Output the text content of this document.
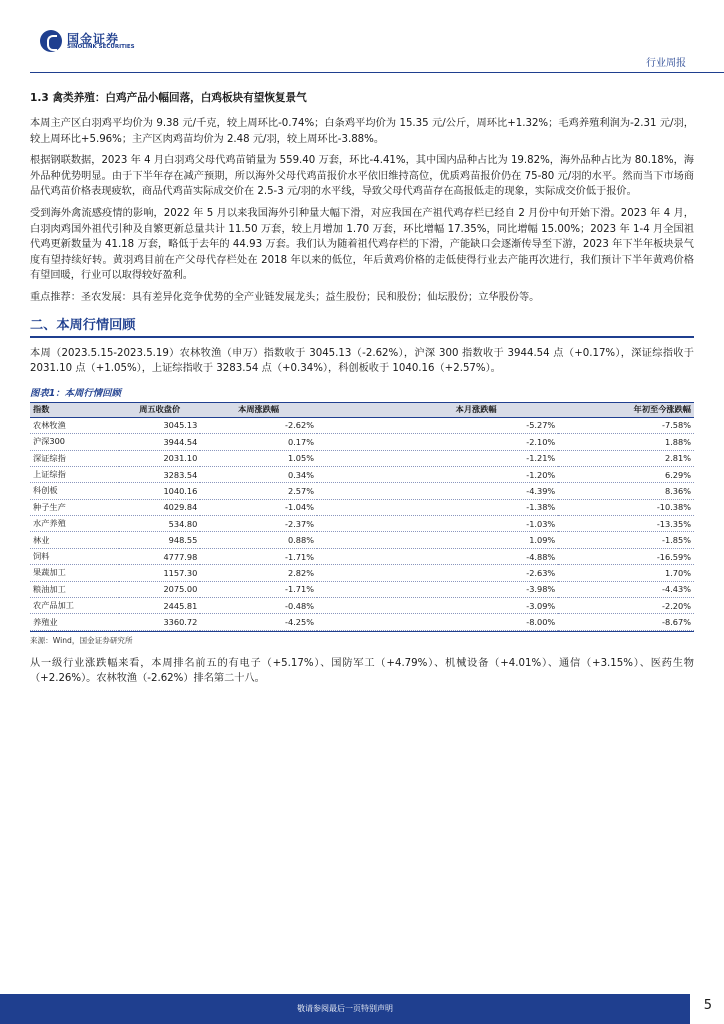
国金证券
SINOLINK SECURITIES
行业周报
1.3 禽类养殖：白鸡产品小幅回落，白鸡板块有望恢复景气

本周主产区白羽鸡平均价为 9.38 元/千克，较上周环比-0.74%；白条鸡平均价为 15.35 元/公斤，周环比+1.32%；毛鸡养殖利润为-2.31 元/羽，较上周环比+5.96%；主产区肉鸡苗均价为 2.48 元/羽，较上周环比-3.88%。

根据钢联数据，2023 年 4 月白羽鸡父母代鸡苗销量为 559.40 万套，环比-4.41%，其中国内品种占比为 19.82%，海外品种占比为 80.18%，海外品种优势明显。由于下半年存在减产预期，所以海外父母代鸡苗报价水平依旧维持高位，优质鸡苗报价仍在 75-80 元/羽的水平。然而当下市场商品代鸡苗价格表现疲软，商品代鸡苗实际成交价在 2.5-3 元/羽的水平线，导致父母代鸡苗存在高报低走的现象，实际成交价低于报价。

受到海外禽流感疫情的影响，2022 年 5 月以来我国海外引种量大幅下滑，对应我国在产祖代鸡存栏已经自 2 月份中旬开始下滑。2023 年 4 月，白羽肉鸡国外祖代引种及自繁更新总量共计 11.50 万套，较上月增加 1.70 万套，环比增幅 17.35%，同比增幅 15.00%；2023 年 1-4 月全国祖代鸡更新数量为 41.18 万套，略低于去年的 44.93 万套。我们认为随着祖代鸡存栏的下滑，产能缺口会逐渐传导至下游，2023 年下半年板块景气度有望持续好转。黄羽鸡目前在产父母代存栏处在 2018 年以来的低位，年后黄鸡价格的走低使得行业去产能再次进行，我们预计下半年黄鸡价格有望回暖，行业可以取得较好盈利。

重点推荐：圣农发展：具有差异化竞争优势的全产业链发展龙头；益生股份；民和股份；仙坛股份；立华股份等。

二、本周行情回顾

本周（2023.5.15-2023.5.19）农林牧渔（申万）指数收于 3045.13（-2.62%），沪深 300 指数收于 3944.54 点（+0.17%），深证综指收于 2031.10 点（+1.05%），上证综指收于 3283.54 点（+0.34%），科创板收于 1040.16（+2.57%）。

图表1：本周行情回顾
指数	周五收盘价	本周涨跌幅	本月涨跌幅	年初至今涨跌幅
农林牧渔	3045.13	-2.62%	-5.27%	-7.58%
沪深300	3944.54	0.17%	-2.10%	1.88%
深证综指	2031.10	1.05%	-1.21%	2.81%
上证综指	3283.54	0.34%	-1.20%	6.29%
科创板	1040.16	2.57%	-4.39%	8.36%
种子生产	4029.84	-1.04%	-1.38%	-10.38%
水产养殖	534.80	-2.37%	-1.03%	-13.35%
林业	948.55	0.88%	1.09%	-1.85%
饲料	4777.98	-1.71%	-4.88%	-16.59%
果蔬加工	1157.30	2.82%	-2.63%	1.70%
粮油加工	2075.00	-1.71%	-3.98%	-4.43%
农产品加工	2445.81	-0.48%	-3.09%	-2.20%
养殖业	3360.72	-4.25%	-8.00%	-8.67%
来源：Wind，国金证券研究所

从一级行业涨跌幅来看，本周排名前五的有电子（+5.17%）、国防军工（+4.79%）、机械设备（+4.01%）、通信（+3.15%）、医药生物（+2.26%）。农林牧渔（-2.62%）排名第二十八。

敬请参阅最后一页特别声明	5
